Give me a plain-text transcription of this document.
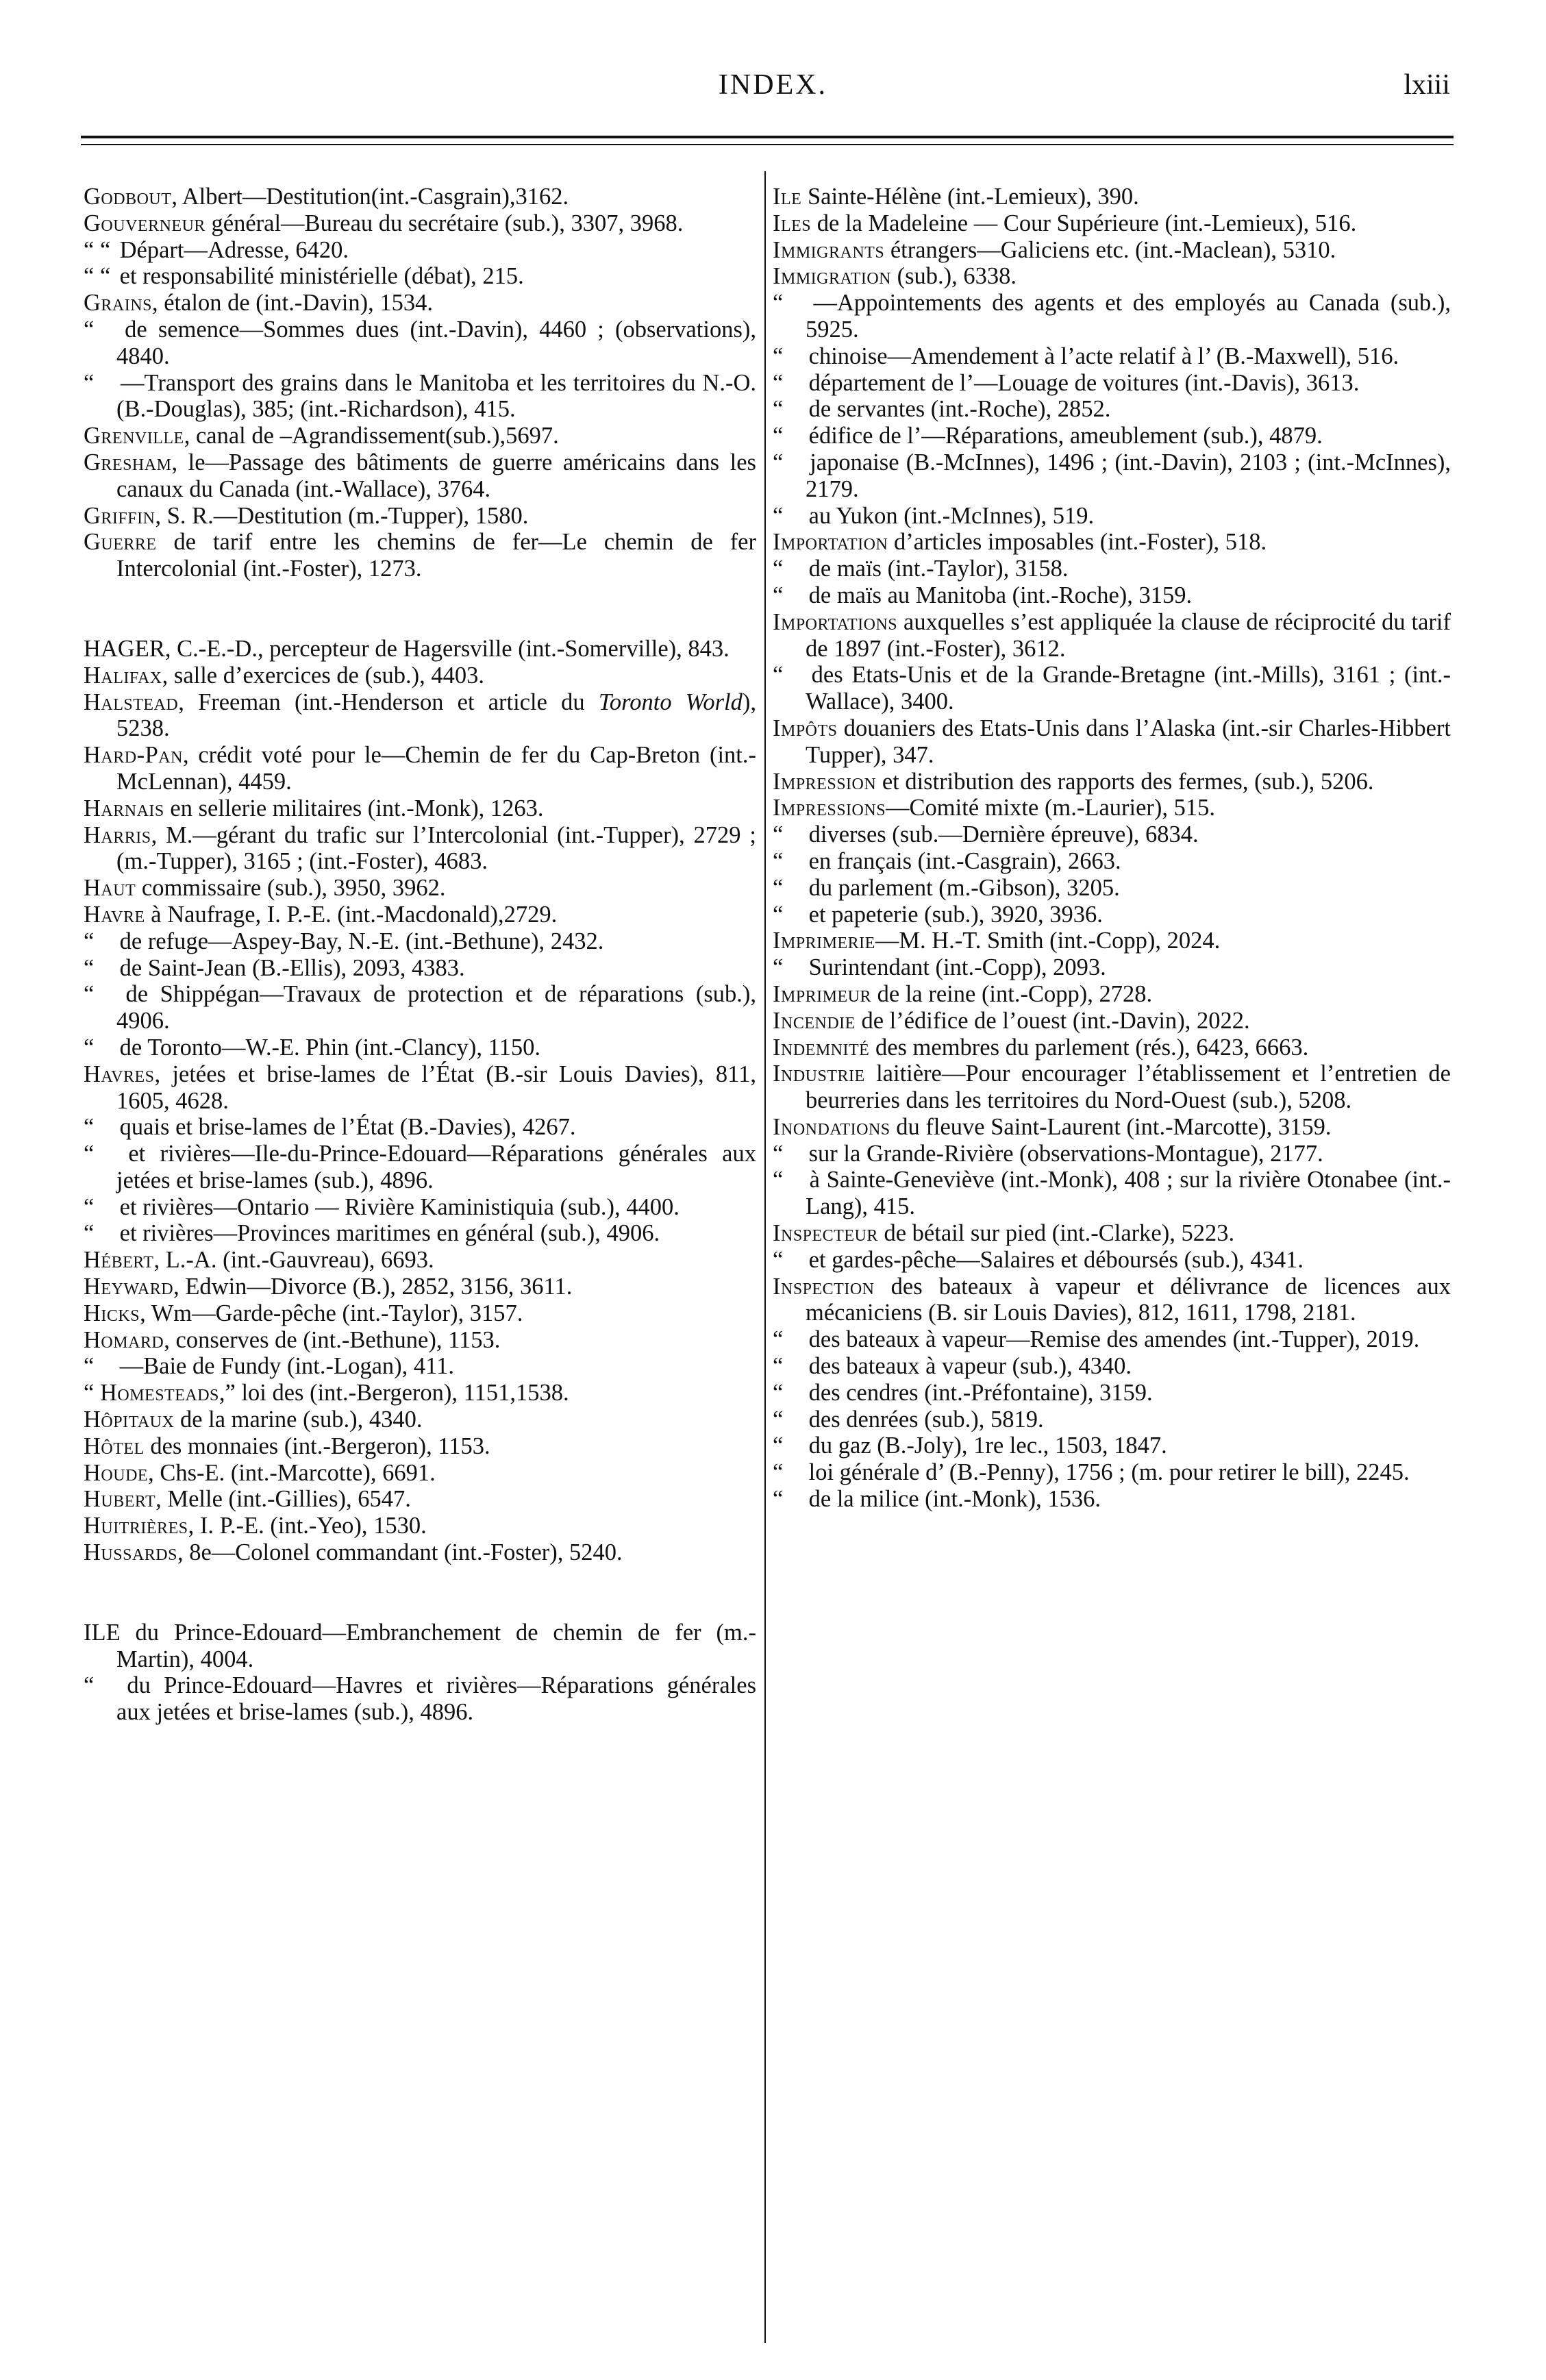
INDEX.	lxiii

Godbout, Albert—Destitution(int.-Casgrain),3162.

Gouverneur général—Bureau du secrétaire (sub.), 3307, 3968.

“ “ Départ—Adresse, 6420.

“ “ et responsabilité ministérielle (débat), 215.

Grains, étalon de (int.-Davin), 1534.

“ de semence—Sommes dues (int.-Davin), 4460 ; (observations), 4840.

“ —Transport des grains dans le Manitoba et les territoires du N.-O. (B.-Douglas), 385; (int.-Richardson), 415.

Grenville, canal de –Agrandissement(sub.),5697.

Gresham, le—Passage des bâtiments de guerre américains dans les canaux du Canada (int.-Wallace), 3764.

Griffin, S. R.—Destitution (m.-Tupper), 1580.

Guerre de tarif entre les chemins de fer—Le chemin de fer Intercolonial (int.-Foster), 1273.

HAGER, C.-E.-D., percepteur de Hagersville (int.-Somerville), 843.

Halifax, salle d’exercices de (sub.), 4403.

Halstead, Freeman (int.-Henderson et article du Toronto World), 5238.

Hard-Pan, crédit voté pour le—Chemin de fer du Cap-Breton (int.-McLennan), 4459.

Harnais en sellerie militaires (int.-Monk), 1263.

Harris, M.—gérant du trafic sur l’Intercolonial (int.-Tupper), 2729 ; (m.-Tupper), 3165 ; (int.-Foster), 4683.

Haut commissaire (sub.), 3950, 3962.

Havre à Naufrage, I. P.-E. (int.-Macdonald),2729.

“ de refuge—Aspey-Bay, N.-E. (int.-Bethune), 2432.

“ de Saint-Jean (B.-Ellis), 2093, 4383.

“ de Shippégan—Travaux de protection et de réparations (sub.), 4906.

“ de Toronto—W.-E. Phin (int.-Clancy), 1150.

Havres, jetées et brise-lames de l’État (B.-sir Louis Davies), 811, 1605, 4628.

“ quais et brise-lames de l’État (B.-Davies), 4267.

“ et rivières—Ile-du-Prince-Edouard—Réparations générales aux jetées et brise-lames (sub.), 4896.

“ et rivières—Ontario — Rivière Kaministiquia (sub.), 4400.

“ et rivières—Provinces maritimes en général (sub.), 4906.

Hébert, L.-A. (int.-Gauvreau), 6693.

Heyward, Edwin—Divorce (B.), 2852, 3156, 3611.

Hicks, Wm—Garde-pêche (int.-Taylor), 3157.

Homard, conserves de (int.-Bethune), 1153.

“ —Baie de Fundy (int.-Logan), 411.

“ Homesteads,” loi des (int.-Bergeron), 1151,1538.

Hôpitaux de la marine (sub.), 4340.

Hôtel des monnaies (int.-Bergeron), 1153.

Houde, Chs-E. (int.-Marcotte), 6691.

Hubert, Melle (int.-Gillies), 6547.

Huitrières, I. P.-E. (int.-Yeo), 1530.

Hussards, 8e—Colonel commandant (int.-Foster), 5240.

ILE du Prince-Edouard—Embranchement de chemin de fer (m.-Martin), 4004.

“ du Prince-Edouard—Havres et rivières—Réparations générales aux jetées et brise-lames (sub.), 4896.

Ile Sainte-Hélène (int.-Lemieux), 390.

Iles de la Madeleine — Cour Supérieure (int.-Lemieux), 516.

Immigrants étrangers—Galiciens etc. (int.-Maclean), 5310.

Immigration (sub.), 6338.

“ —Appointements des agents et des employés au Canada (sub.), 5925.

“ chinoise—Amendement à l’acte relatif à l’ (B.-Maxwell), 516.

“ département de l’—Louage de voitures (int.-Davis), 3613.

“ de servantes (int.-Roche), 2852.

“ édifice de l’—Réparations, ameublement (sub.), 4879.

“ japonaise (B.-McInnes), 1496 ; (int.-Davin), 2103 ; (int.-McInnes), 2179.

“ au Yukon (int.-McInnes), 519.

Importation d’articles imposables (int.-Foster), 518.

“ de maïs (int.-Taylor), 3158.

“ de maïs au Manitoba (int.-Roche), 3159.

Importations auxquelles s’est appliquée la clause de réciprocité du tarif de 1897 (int.-Foster), 3612.

“ des Etats-Unis et de la Grande-Bretagne (int.-Mills), 3161 ; (int.-Wallace), 3400.

Impôts douaniers des Etats-Unis dans l’Alaska (int.-sir Charles-Hibbert Tupper), 347.

Impression et distribution des rapports des fermes, (sub.), 5206.

Impressions—Comité mixte (m.-Laurier), 515.

“ diverses (sub.—Dernière épreuve), 6834.

“ en français (int.-Casgrain), 2663.

“ du parlement (m.-Gibson), 3205.

“ et papeterie (sub.), 3920, 3936.

Imprimerie—M. H.-T. Smith (int.-Copp), 2024.

“ Surintendant (int.-Copp), 2093.

Imprimeur de la reine (int.-Copp), 2728.

Incendie de l’édifice de l’ouest (int.-Davin), 2022.

Indemnité des membres du parlement (rés.), 6423, 6663.

Industrie laitière—Pour encourager l’établissement et l’entretien de beurreries dans les territoires du Nord-Ouest (sub.), 5208.

Inondations du fleuve Saint-Laurent (int.-Marcotte), 3159.

“ sur la Grande-Rivière (observations-Montague), 2177.

“ à Sainte-Geneviève (int.-Monk), 408 ; sur la rivière Otonabee (int.-Lang), 415.

Inspecteur de bétail sur pied (int.-Clarke), 5223.

“ et gardes-pêche—Salaires et déboursés (sub.), 4341.

Inspection des bateaux à vapeur et délivrance de licences aux mécaniciens (B. sir Louis Davies), 812, 1611, 1798, 2181.

“ des bateaux à vapeur—Remise des amendes (int.-Tupper), 2019.

“ des bateaux à vapeur (sub.), 4340.

“ des cendres (int.-Préfontaine), 3159.

“ des denrées (sub.), 5819.

“ du gaz (B.-Joly), 1re lec., 1503, 1847.

“ loi générale d’ (B.-Penny), 1756 ; (m. pour retirer le bill), 2245.

“ de la milice (int.-Monk), 1536.
